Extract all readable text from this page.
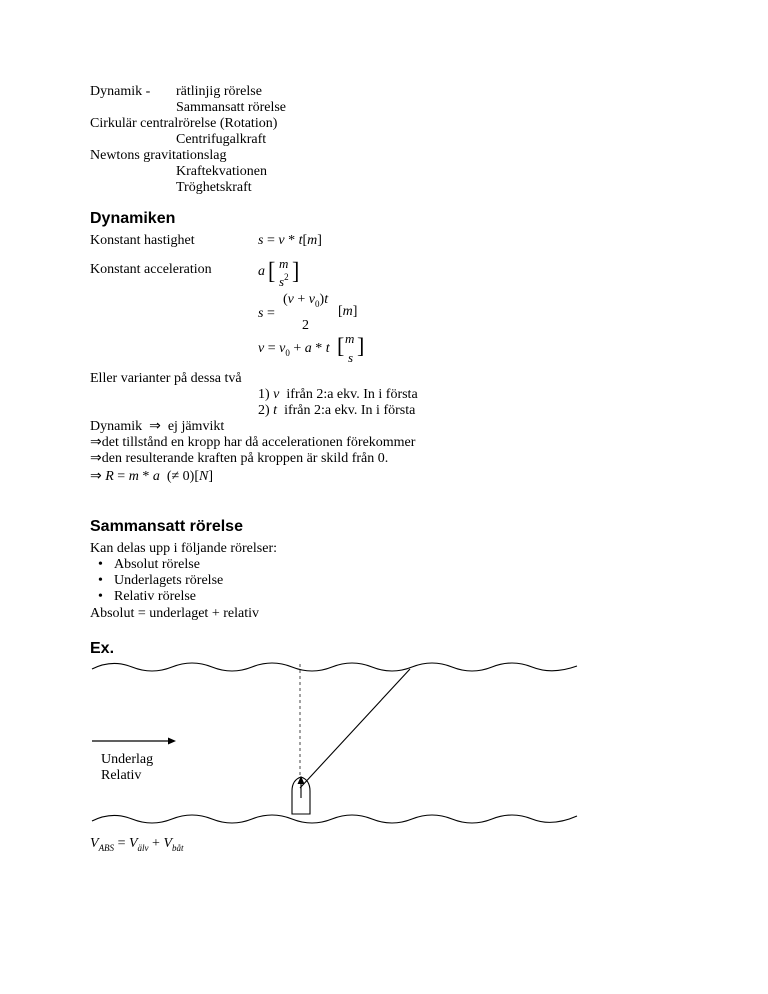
Dynamik - rätlinjig rörelse
Sammansatt rörelse
Cirkulär centralrörelse (Rotation)
Centrifugalkraft
Newtons gravitationslag
Kraftekvationen
Tröghetskraft
Dynamiken
Konstant hastighet	s = v * t[m]
Konstant acceleration	a [ m
$s^2$ ]
s =
$(v + v_0)t$
2
[m]
$v = v_0 + a * t$ [ m
s ]
Eller varianter på dessa två
1) v ifrån 2:a ekv. In i första
2) t ifrån 2:a ekv. In i första
Dynamik  ⇒  ej jämvikt
⇒det tillstånd en kropp har då accelerationen förekommer
⇒den resulterande kraften på kroppen är skild från 0.
⇒ R = m * a  (≠ 0)[N]
Sammansatt rörelse
Kan delas upp i följande rörelser:
• Absolut rörelse
• Underlagets rörelse
• Relativ rörelse
Absolut = underlaget + relativ
Ex.
Underlag
Relativ
$V_{ABS} = V_{älv} + V_{båt}$
